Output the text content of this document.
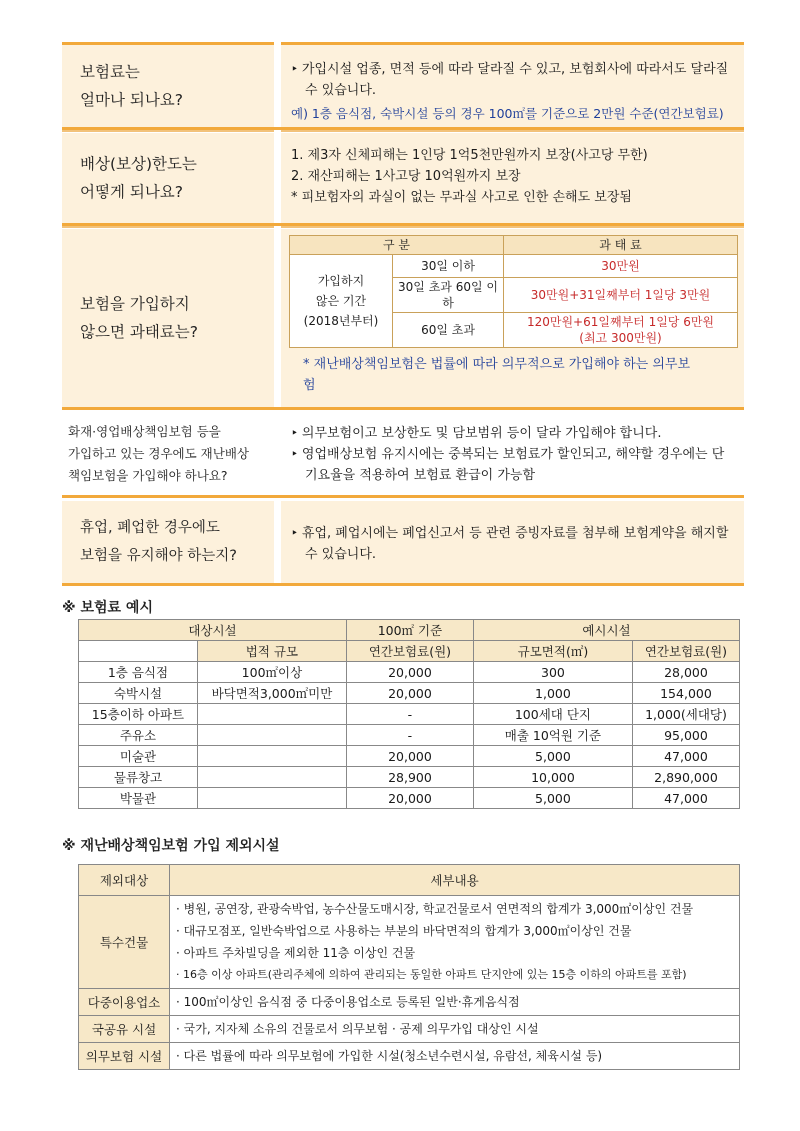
보험료는
얼마나 되나요?
‣ 가입시설 업종, 면적 등에 따라 달라질 수 있고, 보험회사에 따라서도 달라질 수 있습니다.
예) 1층 음식점, 숙박시설 등의 경우 100㎡를 기준으로 2만원 수준(연간보험료)
배상(보상)한도는
어떻게 되나요?
1. 제3자 신체피해는 1인당 1억5천만원까지 보장(사고당 무한)
2. 재산피해는 1사고당 10억원까지 보장
* 피보험자의 과실이 없는 무과실 사고로 인한 손해도 보장됨
보험을 가입하지
않으면 과태료는?
구 분		과 태 료

가입하지
않은 기간
(2018년부터)	30일 이하	30만원
	30일 초과 60일 이하	30만원+31일째부터 1일당 3만원
	60일 초과	120만원+61일째부터 1일당 6만원
(최고 300만원)
* 재난배상책임보험은 법률에 따라 의무적으로 가입해야 하는 의무보험
화재·영업배상책임보험 등을
가입하고 있는 경우에도 재난배상
책임보험을 가입해야 하나요?
‣ 의무보험이고 보상한도 및 담보범위 등이 달라 가입해야 합니다.
‣ 영업배상보험 유지시에는 중복되는 보험료가 할인되고, 해약할 경우에는 단기요율을 적용하여 보험료 환급이 가능함
휴업, 폐업한 경우에도
보험을 유지해야 하는지?
‣ 휴업, 폐업시에는 폐업신고서 등 관련 증빙자료를 첨부해 보험계약을 해지할 수 있습니다.
※ 보험료 예시
대상시설		100㎡ 기준	예시시설	
	법적 규모	연간보험료(원)	규모면적(㎡)	연간보험료(원)
1층 음식점	100㎡이상	20,000	300	28,000
숙박시설	바닥면적3,000㎡미만	20,000	1,000	154,000
15층이하 아파트		-	100세대 단지	1,000(세대당)
주유소		-	매출 10억원 기준	95,000
미술관		20,000	5,000	47,000
물류창고		28,900	10,000	2,890,000
박물관		20,000	5,000	47,000
※ 재난배상책임보험 가입 제외시설
제외대상	세부내용
특수건물	· 병원, 공연장, 관광숙박업, 농수산물도매시장, 학교건물로서 연면적의 합계가 3,000㎡이상인 건물
· 대규모점포, 일반숙박업으로 사용하는 부분의 바닥면적의 합계가 3,000㎡이상인 건물
· 아파트 주차빌딩을 제외한 11층 이상인 건물
· 16층 이상 아파트(관리주체에 의하여 관리되는 동일한 아파트 단지안에 있는 15층 이하의 아파트를 포함)

다중이용업소	· 100㎡이상인 음식점 중 다중이용업소로 등록된 일반·휴게음식점

국공유 시설	· 국가, 지자체 소유의 건물로서 의무보험 · 공제 의무가입 대상인 시설

의무보험 시설	· 다른 법률에 따라 의무보험에 가입한 시설(청소년수련시설, 유람선, 체육시설 등)
